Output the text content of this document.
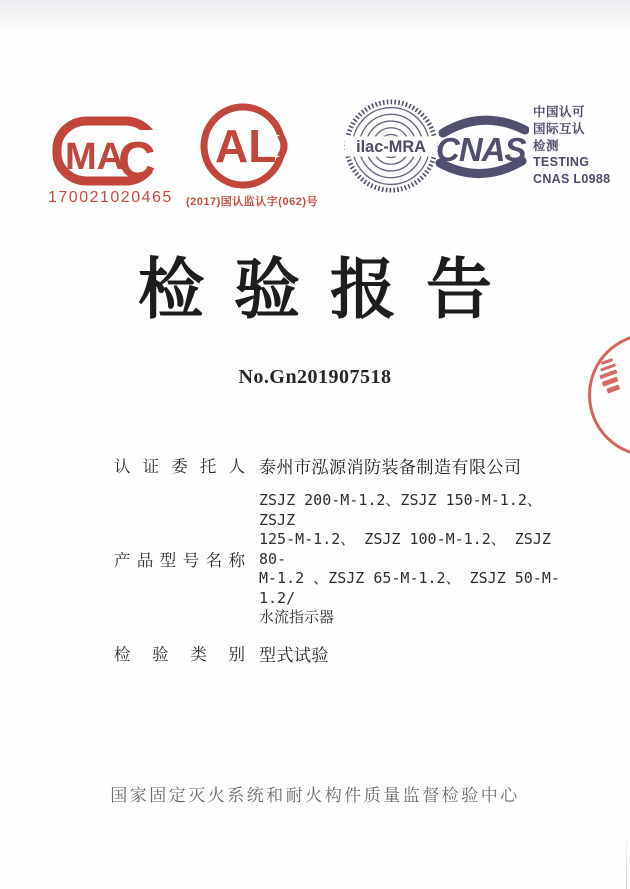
MA
C
170021020465
AL
(2017)国认监认字(062)号
ilac-MRA CNAS
中国认可
国际互认
检测
TESTING
CNAS L0988
检验报告
No.Gn201907518
认证委托人 泰州市泓源消防装备制造有限公司
产品型号名称
ZSJZ 200-M-1.2、ZSJZ 150-M-1.2、ZSJZ
125-M-1.2、 ZSJZ 100-M-1.2、 ZSJZ 80-
M-1.2 、ZSJZ 65-M-1.2、 ZSJZ 50-M-1.2/
水流指示器
检验类别 型式试验
国家固定灭火系统和耐火构件质量监督检验中心
